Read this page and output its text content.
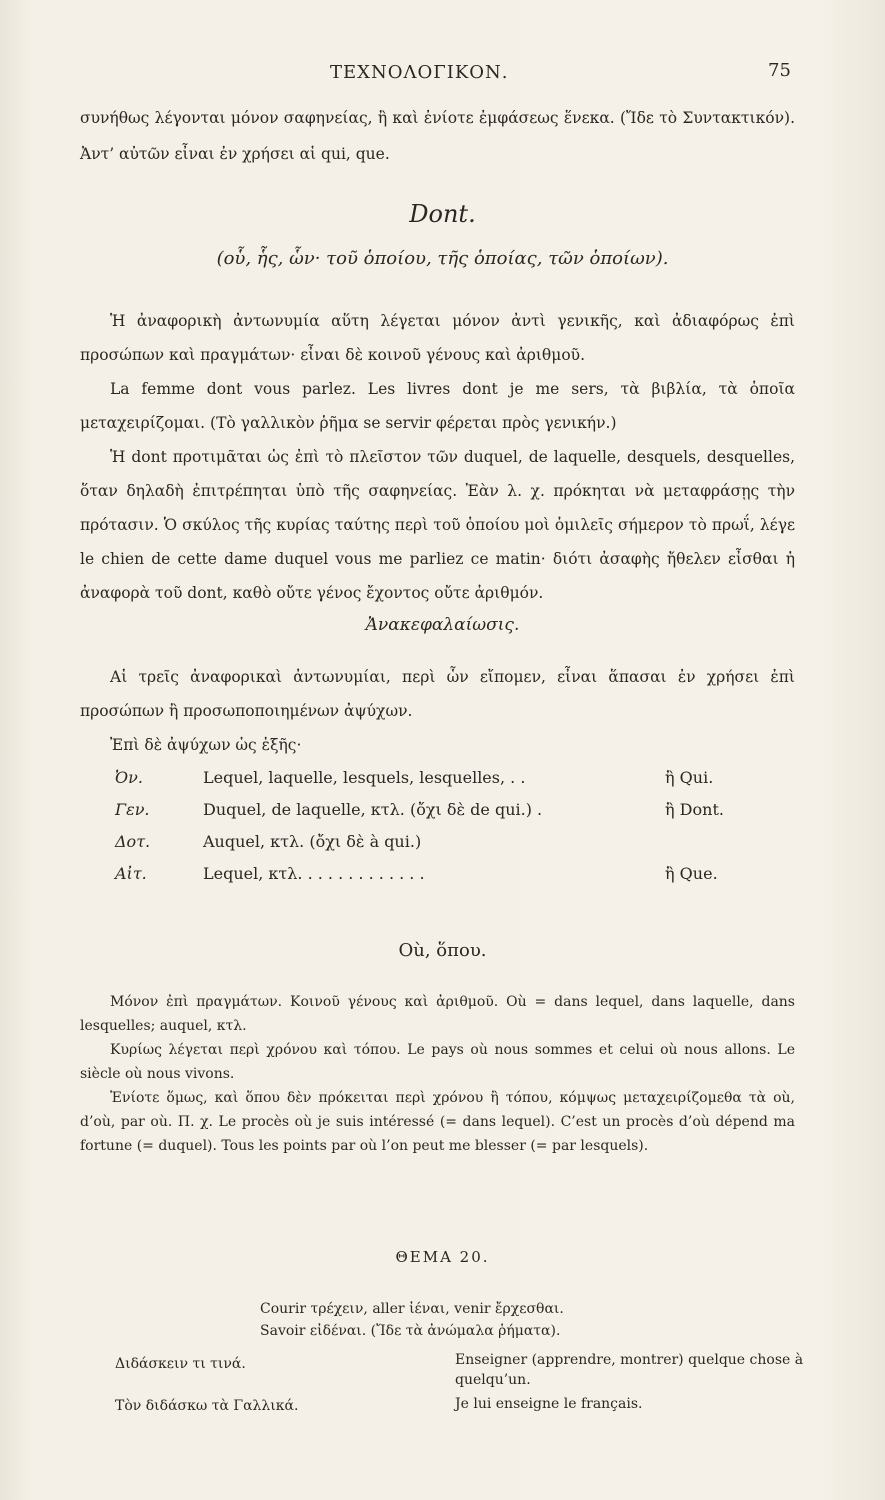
ΤΕΧΝΟΛΟΓΙΚΟΝ.	75

συνήθως λέγονται μόνον σαφηνείας, ἢ καὶ ἐνίοτε ἐμφάσεως ἕνεκα. (Ἴδε τὸ Συντακτικόν). Ἀντ’ αὐτῶν εἶναι ἐν χρήσει αἱ qui, que.

Dont.
(οὗ, ἧς, ὧν· τοῦ ὁποίου, τῆς ὁποίας, τῶν ὁποίων).

Ἡ ἀναφορικὴ ἀντωνυμία αὕτη λέγεται μόνον ἀντὶ γενικῆς, καὶ ἀδιαφόρως ἐπὶ προσώπων καὶ πραγμάτων· εἶναι δὲ κοινοῦ γένους καὶ ἀριθμοῦ.

La femme dont vous parlez. Les livres dont je me sers, τὰ βιβλία, τὰ ὁποῖα μεταχειρίζομαι. (Τὸ γαλλικὸν ῥῆμα se servir φέρεται πρὸς γενικήν.)

Ἡ dont προτιμᾶται ὡς ἐπὶ τὸ πλεῖστον τῶν duquel, de laquelle, desquels, desquelles, ὅταν δηλαδὴ ἐπιτρέπηται ὑπὸ τῆς σαφηνείας. Ἐὰν λ. χ. πρόκηται νὰ μεταφράσῃς τὴν πρότασιν. Ὁ σκύλος τῆς κυρίας ταύτης περὶ τοῦ ὁποίου μοὶ ὁμιλεῖς σήμερον τὸ πρωΐ, λέγε le chien de cette dame duquel vous me parliez ce matin· διότι ἀσαφὴς ἤθελεν εἶσθαι ἡ ἀναφορὰ τοῦ dont, καθὸ οὔτε γένος ἔχοντος οὔτε ἀριθμόν.

Ἀνακεφαλαίωσις.

Αἱ τρεῖς ἀναφορικαὶ ἀντωνυμίαι, περὶ ὧν εἴπομεν, εἶναι ἅπασαι ἐν χρήσει ἐπὶ προσώπων ἢ προσωποποιημένων ἀψύχων.

Ἐπὶ δὲ ἀψύχων ὡς ἑξῆς·

Ὀν.	Lequel, laquelle, lesquels, lesquelles, . .	ἢ Qui.
Γεν.	Duquel, de laquelle, κτλ. (ὄχι δὲ de qui.) .	ἢ Dont.
Δοτ.	Auquel, κτλ. (ὄχι δὲ à qui.)
Αἰτ.	Lequel, κτλ. . . . . . . . . . . . .	ἢ Que.
Où, ὅπου.

Μόνον ἐπὶ πραγμάτων. Κοινοῦ γένους καὶ ἀριθμοῦ. Où = dans lequel, dans laquelle, dans lesquelles; auquel, κτλ.

Κυρίως λέγεται περὶ χρόνου καὶ τόπου. Le pays où nous sommes et celui où nous allons. Le siècle où nous vivons.

Ἐνίοτε ὅμως, καὶ ὅπου δὲν πρόκειται περὶ χρόνου ἢ τόπου, κόμψως μεταχειρίζομεθα τὰ où, d’où, par où. Π. χ. Le procès où je suis intéressé (= dans lequel). C’est un procès d’où dépend ma fortune (= duquel). Tous les points par où l’on peut me blesser (= par lesquels).

ΘΕΜΑ 20.
Courir τρέχειν, aller ἰέναι, venir ἔρχεσθαι.
Savoir εἰδέναι. (Ἴδε τὰ ἀνώμαλα ῥήματα).
Διδάσκειν τι τινά.	Enseigner (apprendre, montrer) quelque chose à quelqu’un.
Τὸν διδάσκω τὰ Γαλλικά.	Je lui enseigne le français.
